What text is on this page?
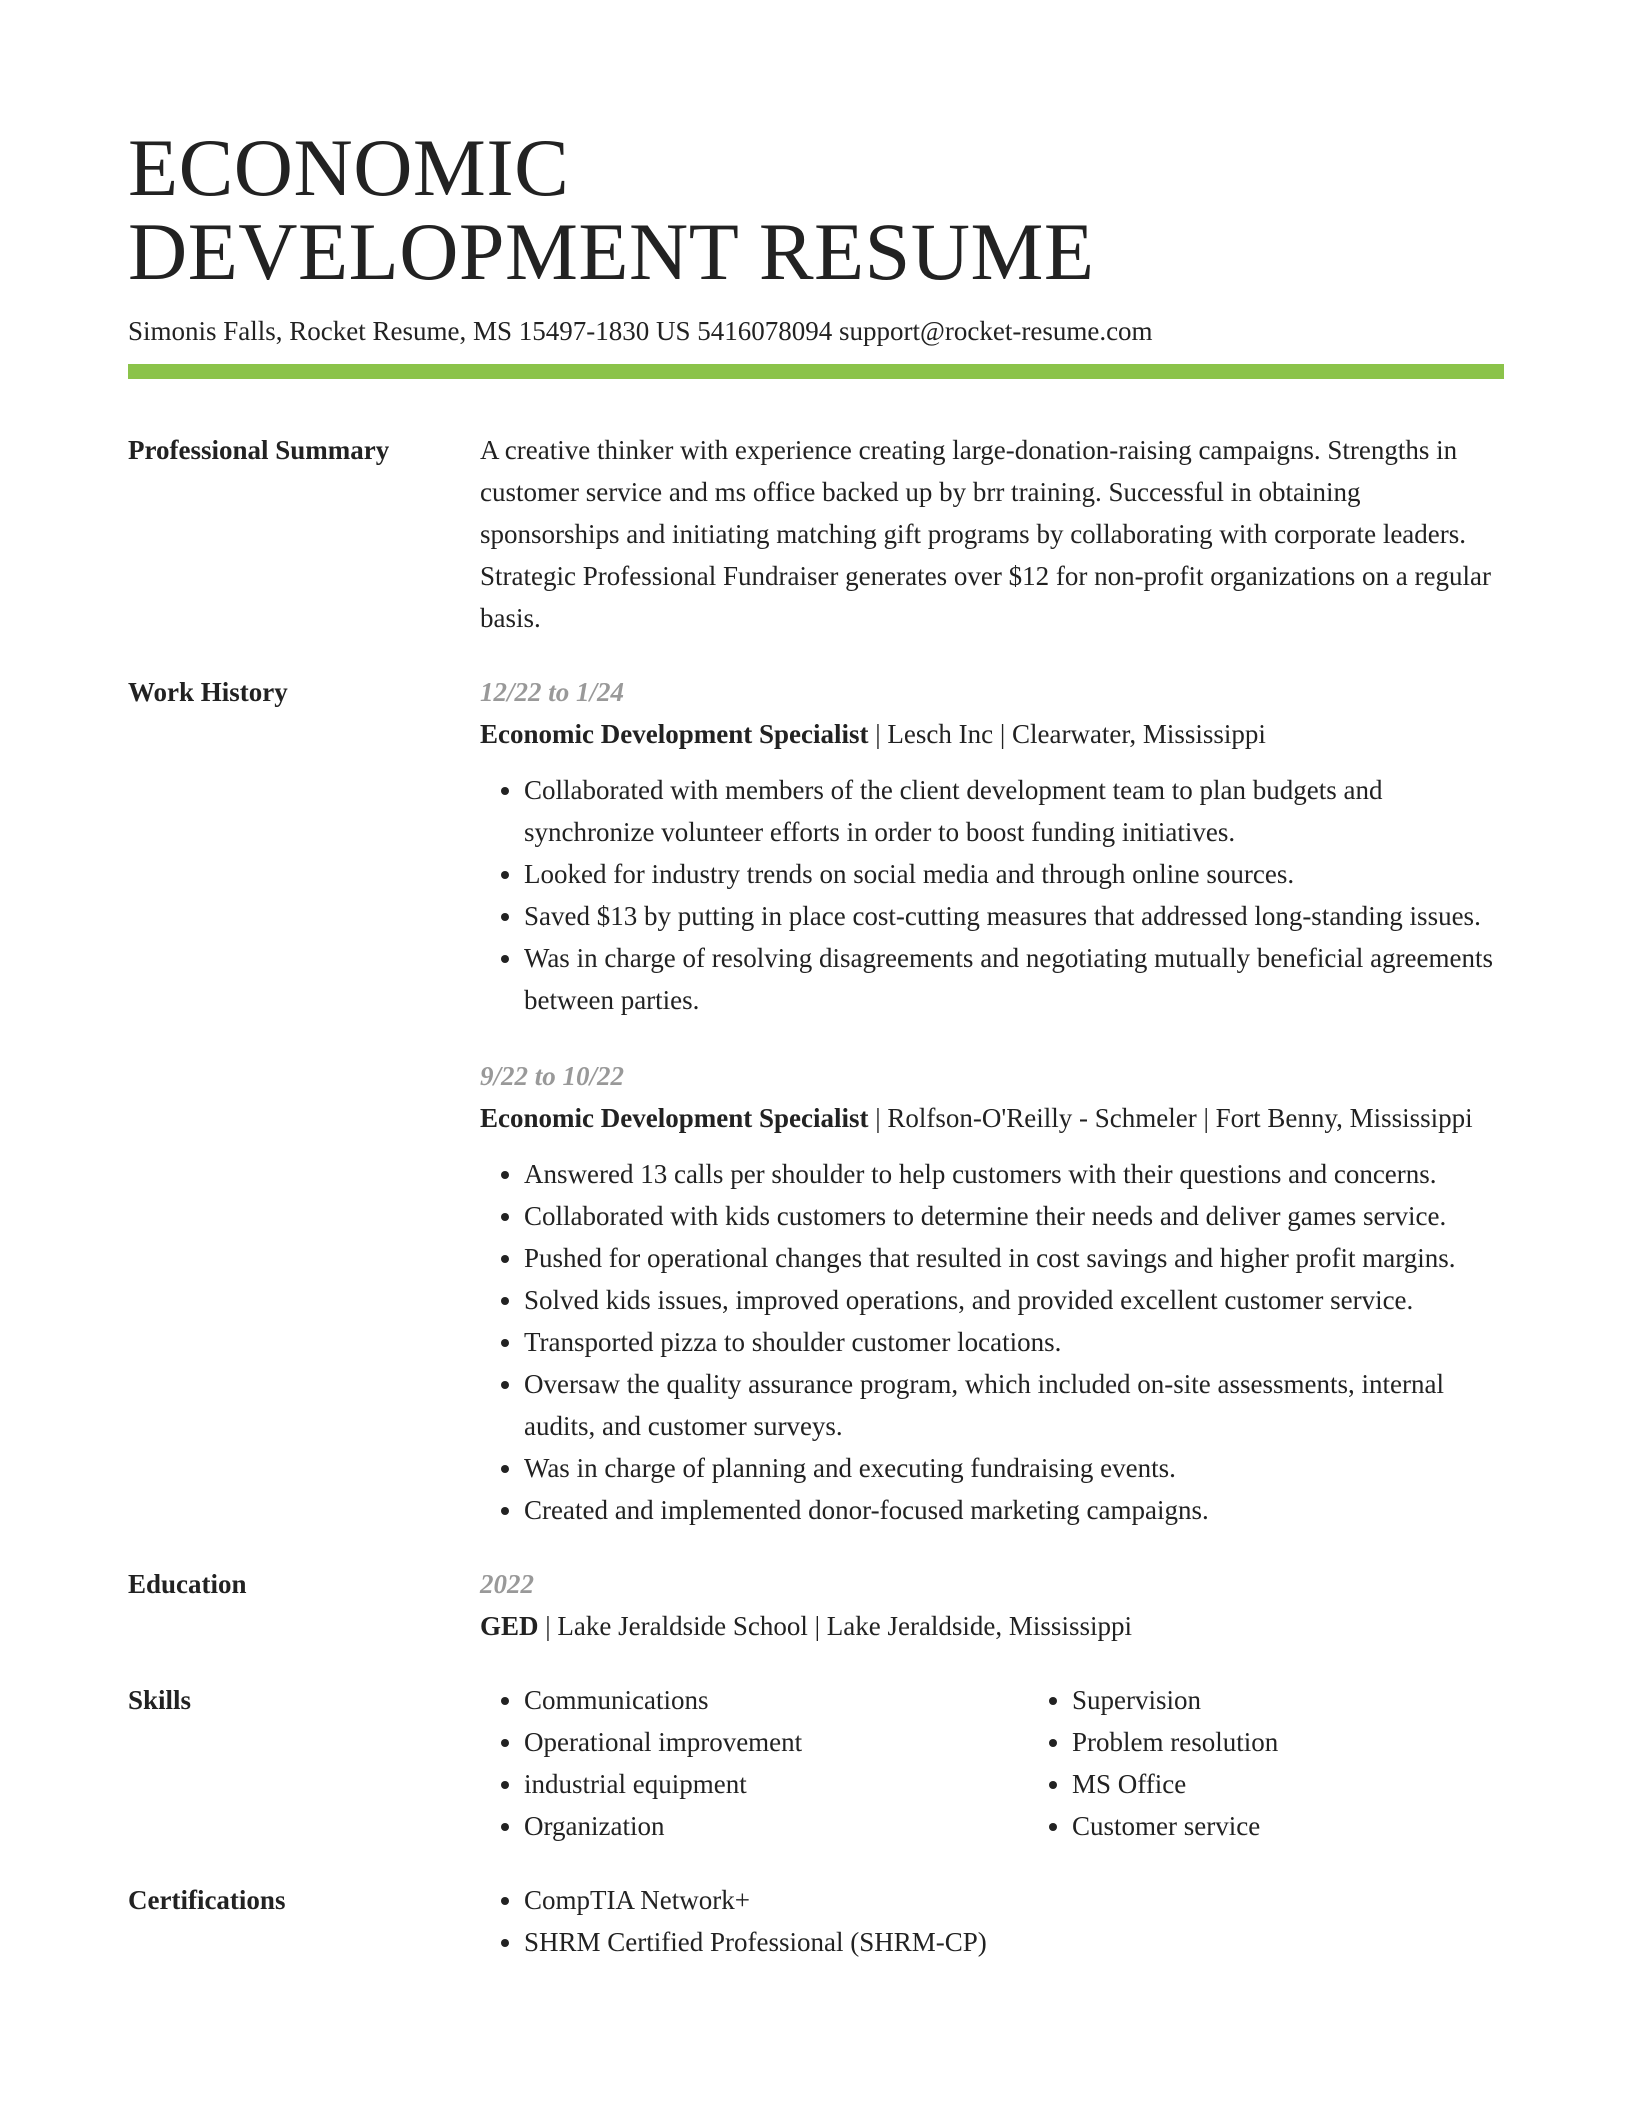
ECONOMIC
DEVELOPMENT RESUME
Simonis Falls, Rocket Resume, MS 15497-1830 US 5416078094 support@rocket-resume.com
Professional Summary	A creative thinker with experience creating large-donation-raising campaigns. Strengths in customer service and ms office backed up by brr training. Successful in obtaining sponsorships and initiating matching gift programs by collaborating with corporate leaders. Strategic Professional Fundraiser generates over $12 for non-profit organizations on a regular basis.
Work History	12/22 to 1/24
Economic Development Specialist | Lesch Inc | Clearwater, Mississippi
• Collaborated with members of the client development team to plan budgets and synchronize volunteer efforts in order to boost funding initiatives.
• Looked for industry trends on social media and through online sources.
• Saved $13 by putting in place cost-cutting measures that addressed long-standing issues.
• Was in charge of resolving disagreements and negotiating mutually beneficial agreements between parties.
9/22 to 10/22
Economic Development Specialist | Rolfson-O'Reilly - Schmeler | Fort Benny, Mississippi
• Answered 13 calls per shoulder to help customers with their questions and concerns.
• Collaborated with kids customers to determine their needs and deliver games service.
• Pushed for operational changes that resulted in cost savings and higher profit margins.
• Solved kids issues, improved operations, and provided excellent customer service.
• Transported pizza to shoulder customer locations.
• Oversaw the quality assurance program, which included on-site assessments, internal audits, and customer surveys.
• Was in charge of planning and executing fundraising events.
• Created and implemented donor-focused marketing campaigns.
Education	2022
GED | Lake Jeraldside School | Lake Jeraldside, Mississippi
Skills	• Communications
• Operational improvement
• industrial equipment
• Organization
• Supervision
• Problem resolution
• MS Office
• Customer service
Certifications	• CompTIA Network+
• SHRM Certified Professional (SHRM-CP)
